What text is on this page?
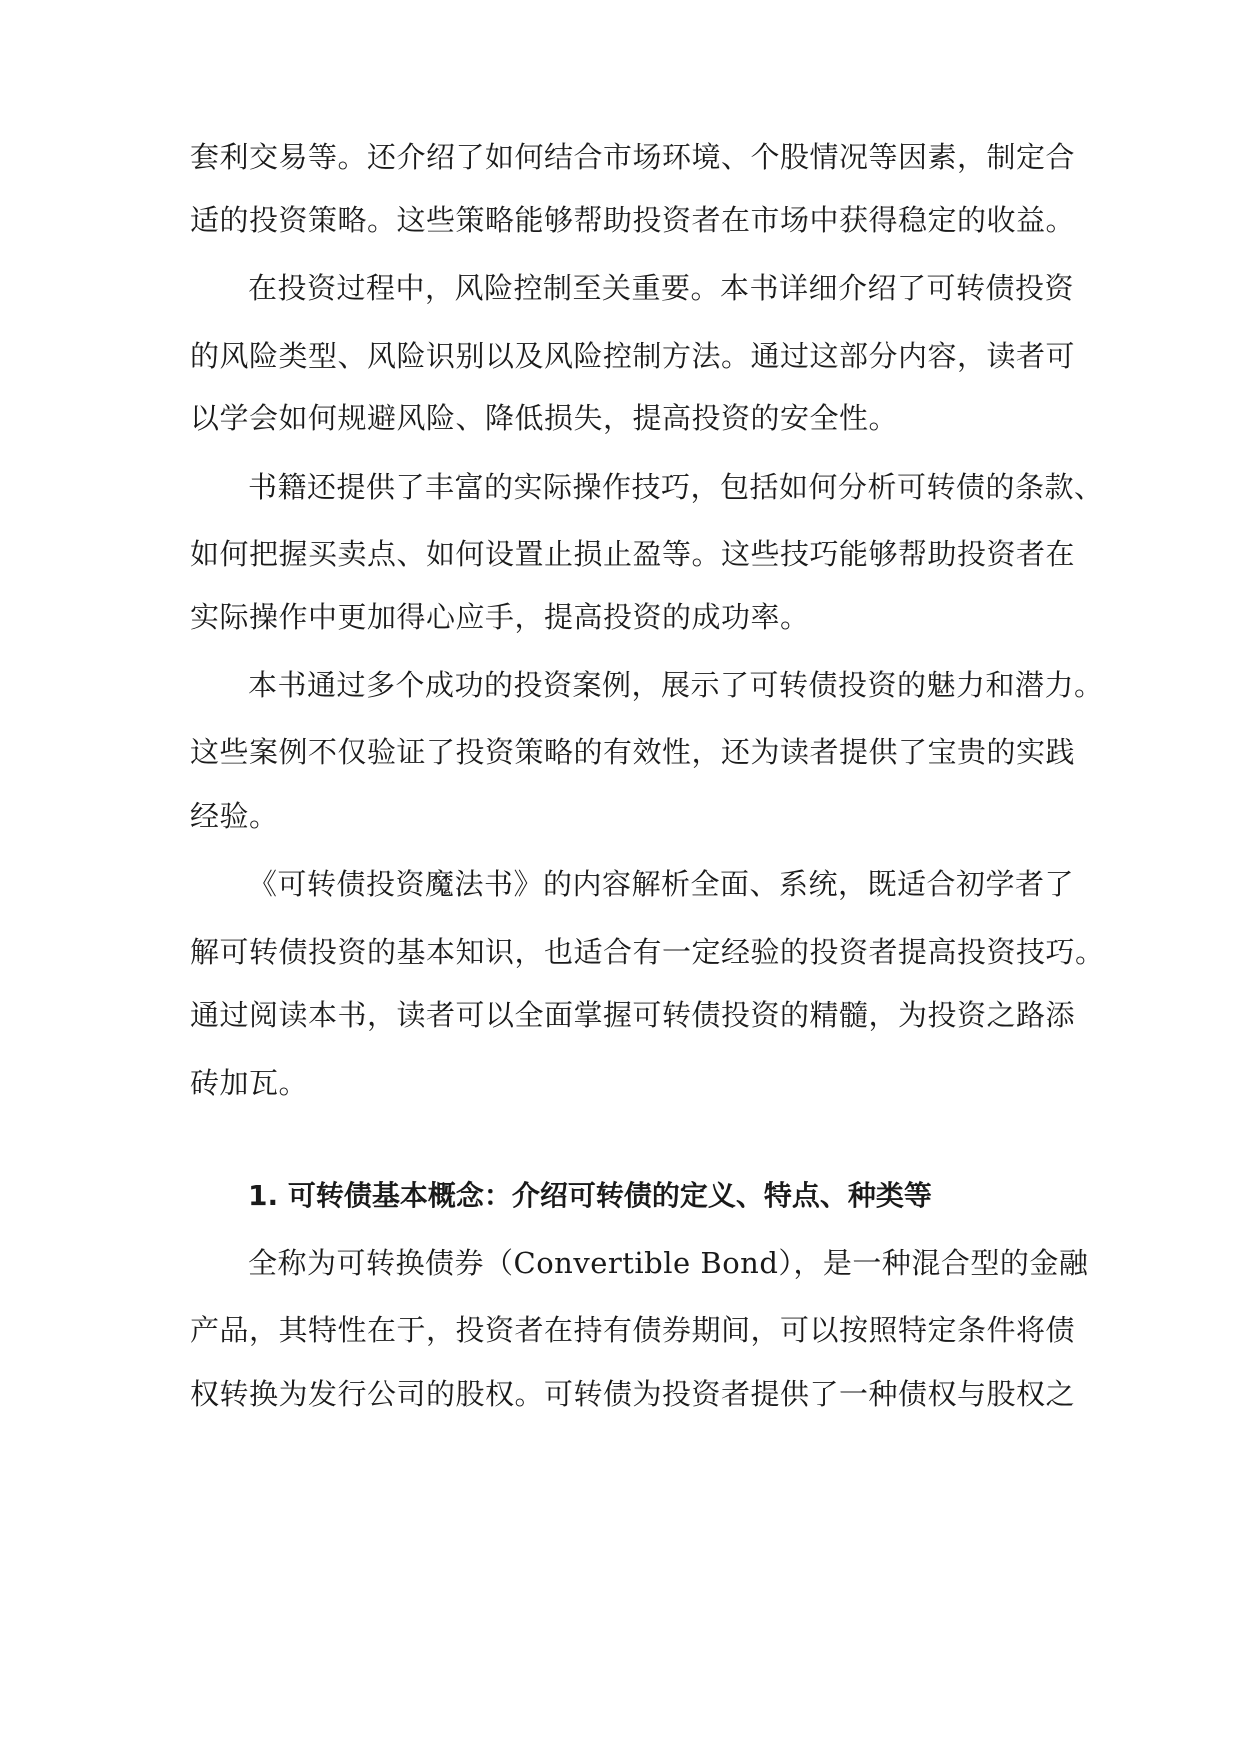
套利交易等。还介绍了如何结合市场环境、个股情况等因素，制定合
适的投资策略。这些策略能够帮助投资者在市场中获得稳定的收益。
在投资过程中，风险控制至关重要。本书详细介绍了可转债投资
的风险类型、风险识别以及风险控制方法。通过这部分内容，读者可
以学会如何规避风险、降低损失，提高投资的安全性。
书籍还提供了丰富的实际操作技巧，包括如何分析可转债的条款、
如何把握买卖点、如何设置止损止盈等。这些技巧能够帮助投资者在
实际操作中更加得心应手，提高投资的成功率。
本书通过多个成功的投资案例，展示了可转债投资的魅力和潜力。
这些案例不仅验证了投资策略的有效性，还为读者提供了宝贵的实践
经验。
《可转债投资魔法书》的内容解析全面、系统，既适合初学者了
解可转债投资的基本知识，也适合有一定经验的投资者提高投资技巧。
通过阅读本书，读者可以全面掌握可转债投资的精髓，为投资之路添
砖加瓦。
1. 可转债基本概念：介绍可转债的定义、特点、种类等
全称为可转换债券（Convertible Bond），是一种混合型的金融
产品，其特性在于，投资者在持有债券期间，可以按照特定条件将债
权转换为发行公司的股权。可转债为投资者提供了一种债权与股权之
